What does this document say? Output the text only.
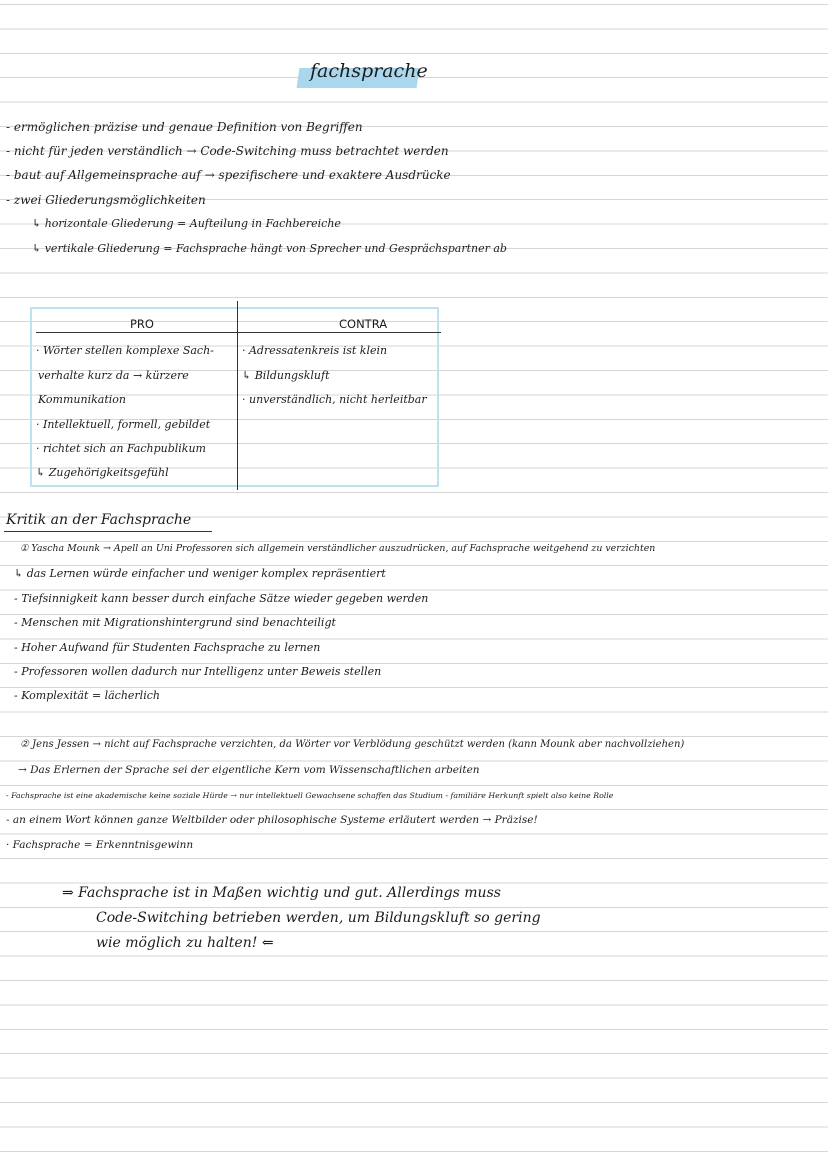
fachsprache
- ermöglichen präzise und genaue Definition von Begriffen
- nicht für jeden verständlich → Code-Switching muss betrachtet werden
- baut auf Allgemeinsprache auf → spezifischere und exaktere Ausdrücke
- zwei Gliederungsmöglichkeiten
↳ horizontale Gliederung = Aufteilung in Fachbereiche
↳ vertikale Gliederung = Fachsprache hängt von Sprecher und Gesprächspartner ab
PRO	CONTRA
· Wörter stellen komplexe Sach-
verhalte kurz da → kürzere
Kommunikation
· Intellektuell, formell, gebildet
· richtet sich an Fachpublikum
↳ Zugehörigkeitsgefühl
· Adressatenkreis ist klein
↳ Bildungskluft
· unverständlich, nicht herleitbar
Kritik an der Fachsprache
① Yascha Mounk → Apell an Uni Professoren sich allgemein verständlicher auszudrücken, auf Fachsprache weitgehend zu verzichten
↳ das Lernen würde einfacher und weniger komplex repräsentiert
- Tiefsinnigkeit kann besser durch einfache Sätze wieder gegeben werden
- Menschen mit Migrationshintergrund sind benachteiligt
- Hoher Aufwand für Studenten Fachsprache zu lernen
- Professoren wollen dadurch nur Intelligenz unter Beweis stellen
- Komplexität = lächerlich
② Jens Jessen → nicht auf Fachsprache verzichten, da Wörter vor Verblödung geschützt werden (kann Mounk aber nachvollziehen)
→ Das Erlernen der Sprache sei der eigentliche Kern vom Wissenschaftlichen arbeiten
- Fachsprache ist eine akademische keine soziale Hürde → nur intellektuell Gewachsene schaffen das Studium - familiäre Herkunft spielt also keine Rolle
- an einem Wort können ganze Weltbilder oder philosophische Systeme erläutert werden → Präzise!
· Fachsprache = Erkenntnisgewinn
⇒ Fachsprache ist in Maßen wichtig und gut. Allerdings muss
Code-Switching betrieben werden, um Bildungskluft so gering
wie möglich zu halten! ⇐
